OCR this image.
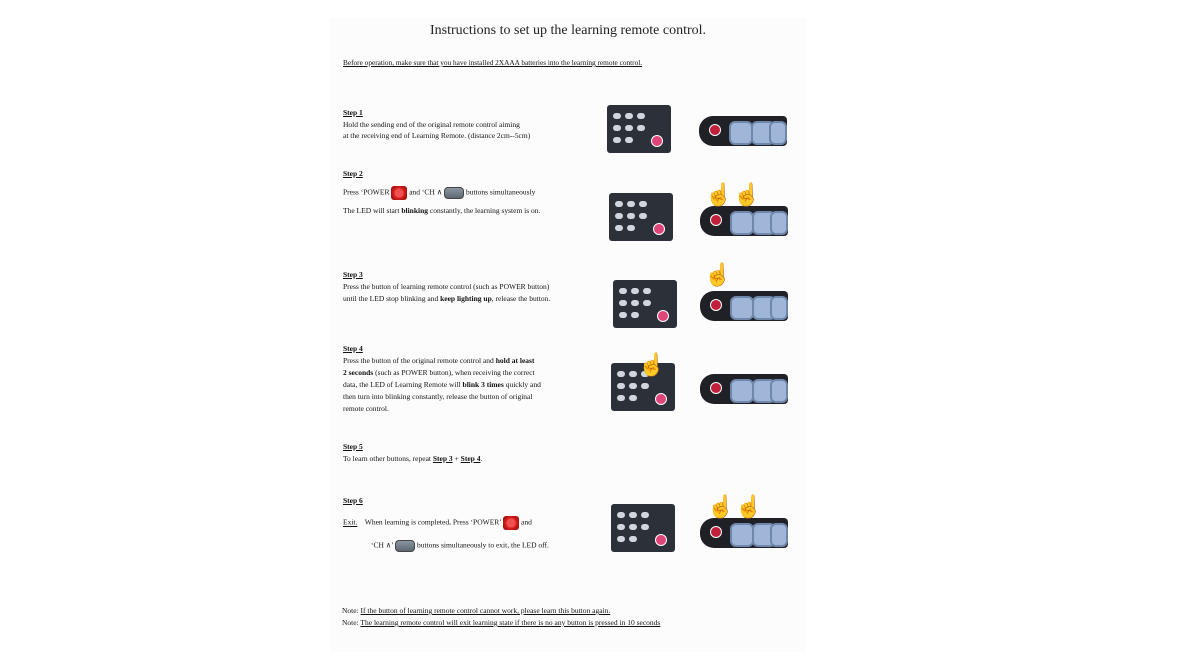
Instructions to set up the learning remote control.
Before operation, make sure that you have installed 2XAAA batteries into the learning remote control.
Step 1
Hold the sending end of the original remote control aiming
at the receiving end of Learning Remote. (distance 2cm--5cm)
Step 2
Press ‘POWER	and ‘CH ∧	buttons simultaneously
The LED will start blinking constantly, the learning system is on.
Step 3
Press the button of learning remote control (such as POWER button)
until the LED stop blinking and keep lighting up, release the button.
Step 4
Press the button of the original remote control and hold at least
2 seconds (such as POWER button), when receiving the correct
data, the LED of Learning Remote will blink 3 times quickly and
then turn into blinking constantly, release the button of original
remote control.
Step 5
To learn other buttons, repeat Step 3 + Step 4.
Step 6
Exit. When learning is completed, Press ‘POWER’	and
‘CH ∧’	buttons simultaneously to exit, the LED off.
Note: If the button of learning remote control cannot work, please learn this button again.
Note: The learning remote control will exit learning state if there is no any button is pressed in 10 seconds
☝
☝ ☝
☝
☝ ☝
